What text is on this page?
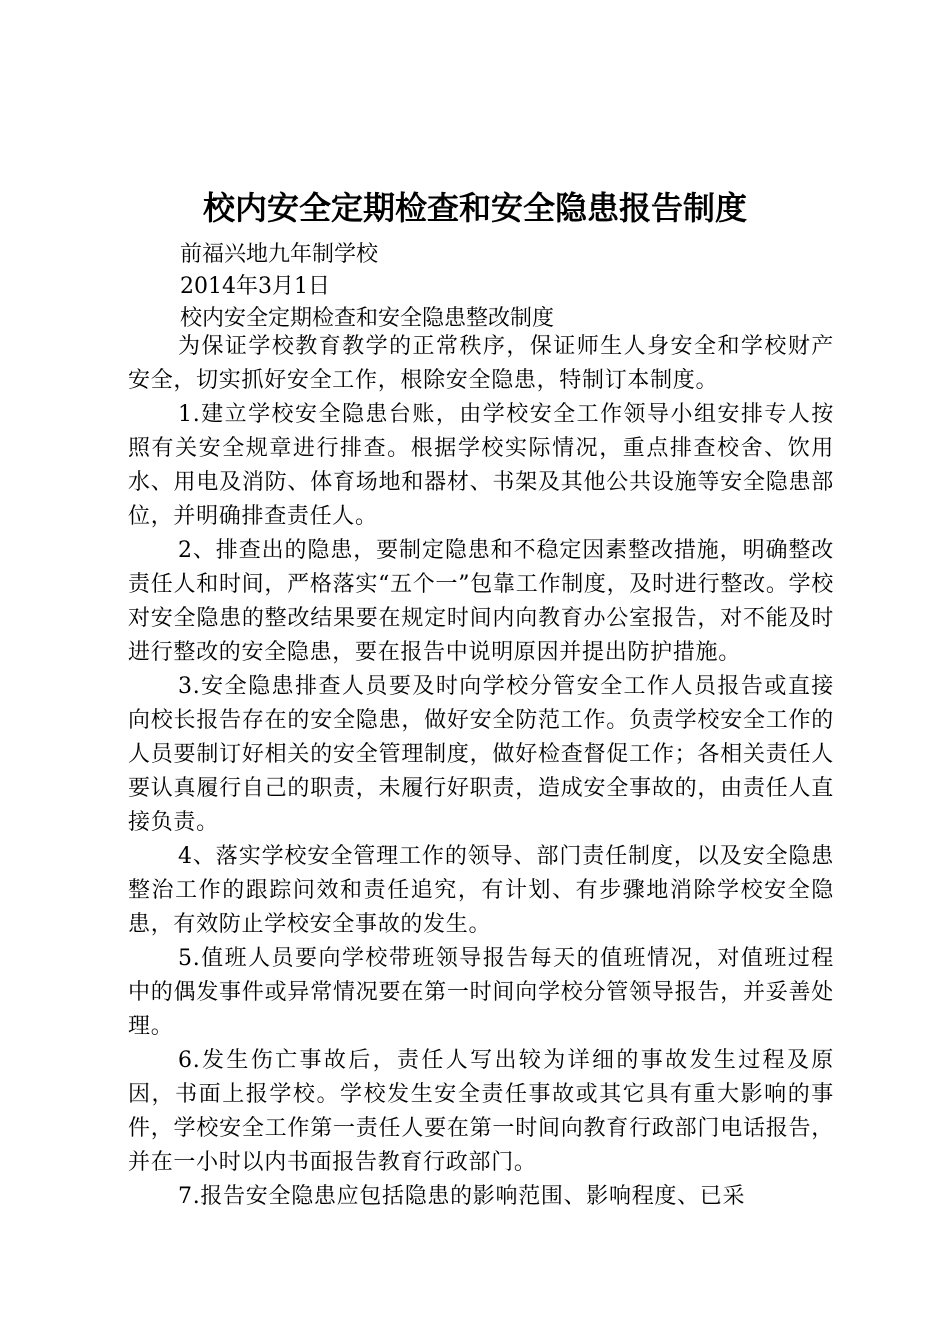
校内安全定期检查和安全隐患报告制度
前福兴地九年制学校
2014年3月1日
校内安全定期检查和安全隐患整改制度

为保证学校教育教学的正常秩序，保证师生人身安全和学校财产安全，切实抓好安全工作，根除安全隐患，特制订本制度。

1.建立学校安全隐患台账，由学校安全工作领导小组安排专人按照有关安全规章进行排查。根据学校实际情况，重点排查校舍、饮用水、用电及消防、体育场地和器材、书架及其他公共设施等安全隐患部位，并明确排查责任人。

2、排查出的隐患，要制定隐患和不稳定因素整改措施，明确整改责任人和时间，严格落实“五个一”包靠工作制度，及时进行整改。学校对安全隐患的整改结果要在规定时间内向教育办公室报告，对不能及时进行整改的安全隐患，要在报告中说明原因并提出防护措施。

3.安全隐患排查人员要及时向学校分管安全工作人员报告或直接向校长报告存在的安全隐患，做好安全防范工作。负责学校安全工作的人员要制订好相关的安全管理制度，做好检查督促工作；各相关责任人要认真履行自己的职责，未履行好职责，造成安全事故的，由责任人直接负责。

4、落实学校安全管理工作的领导、部门责任制度，以及安全隐患整治工作的跟踪问效和责任追究，有计划、有步骤地消除学校安全隐患，有效防止学校安全事故的发生。

5.值班人员要向学校带班领导报告每天的值班情况，对值班过程中的偶发事件或异常情况要在第一时间向学校分管领导报告，并妥善处理。

6.发生伤亡事故后，责任人写出较为详细的事故发生过程及原因，书面上报学校。学校发生安全责任事故或其它具有重大影响的事件，学校安全工作第一责任人要在第一时间向教育行政部门电话报告，并在一小时以内书面报告教育行政部门。

7.报告安全隐患应包括隐患的影响范围、影响程度、已采
